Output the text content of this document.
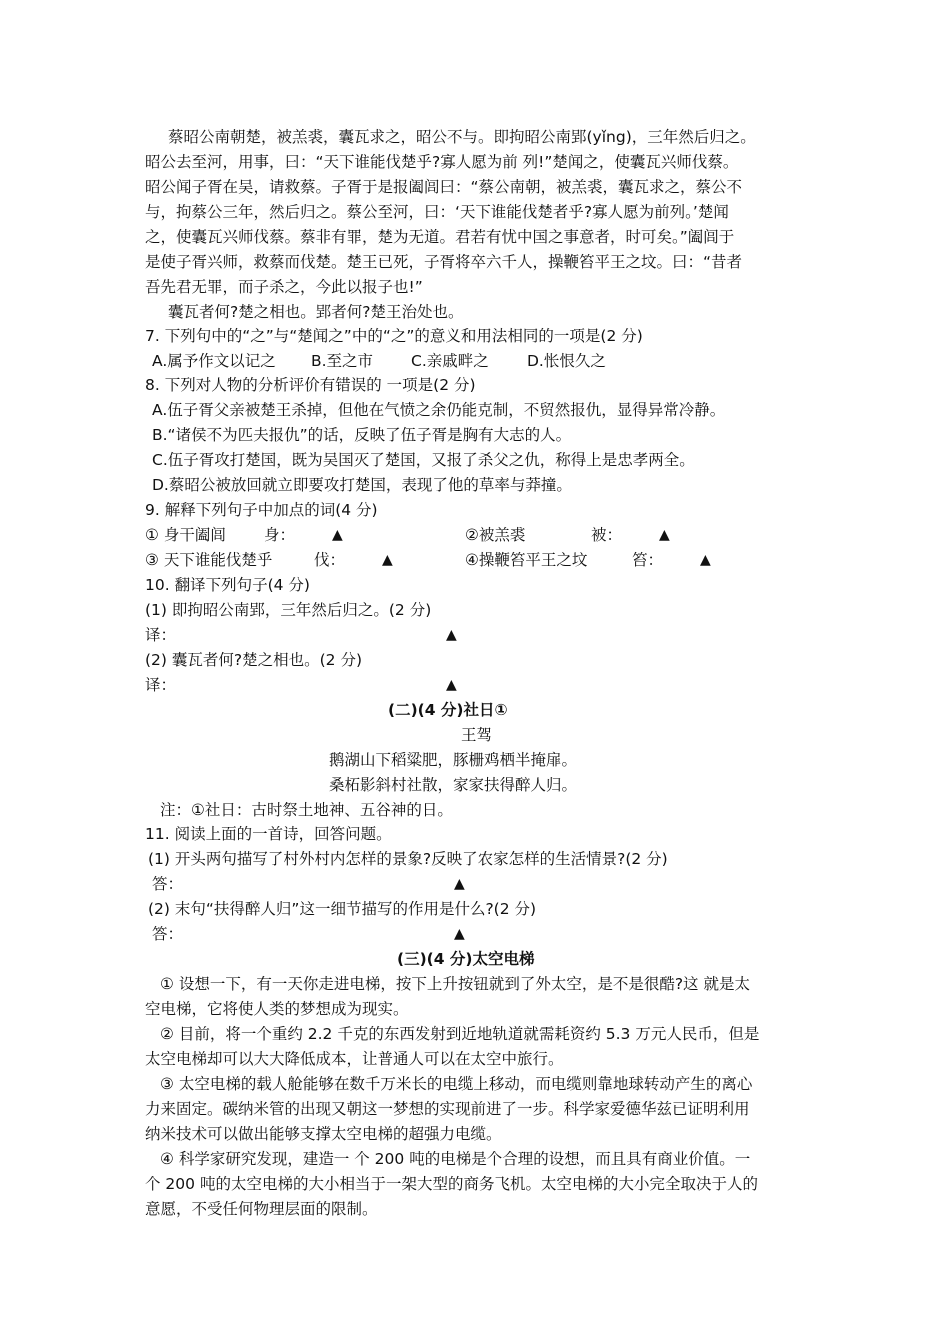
蔡昭公南朝楚，被羔裘，囊瓦求之，昭公不与。即拘昭公南郢(yǐng)，三年然后归之。
昭公去至河，用事，曰：“天下谁能伐楚乎?寡人愿为前 列!”楚闻之，使囊瓦兴师伐蔡。
昭公闻子胥在吴，请救蔡。子胥于是报阖闾曰：“蔡公南朝，被羔裘，囊瓦求之，蔡公不
与，拘蔡公三年，然后归之。蔡公至河，曰：‘天下谁能伐楚者乎?寡人愿为前列。’楚闻
之，使囊瓦兴师伐蔡。蔡非有罪，楚为无道。君若有忧中国之事意者，时可矣。”阖闾于
是使子胥兴师，救蔡而伐楚。楚王已死，子胥将卒六千人，操鞭笞平王之坟。曰：“昔者
吾先君无罪，而子杀之，今此以报子也!”
囊瓦者何?楚之相也。郢者何?楚王治处也。
7. 下列句中的“之”与“楚闻之”中的“之”的意义和用法相同的一项是(2 分)
A.属予作文以记之 B.至之市 C.亲戚畔之 D.怅恨久之
8. 下列对人物的分析评价有错误的 一项是(2 分)
A.伍子胥父亲被楚王杀掉，但他在气愤之余仍能克制，不贸然报仇，显得异常冷静。
B.“诸侯不为匹夫报仇”的话，反映了伍子胥是胸有大志的人。
C.伍子胥攻打楚国，既为吴国灭了楚国，又报了杀父之仇，称得上是忠孝两全。
D.蔡昭公被放回就立即要攻打楚国，表现了他的草率与莽撞。
9. 解释下列句子中加点的词(4 分)
① 身干阖闾 身：	▲	②被羔裘	被：	▲
③ 天下谁能伐楚乎	伐：	▲	④操鞭笞平王之坟	笞：	▲
10. 翻译下列句子(4 分)
(1) 即拘昭公南郢，三年然后归之。(2 分)
译：	▲
(2) 囊瓦者何?楚之相也。(2 分)
译：	▲
(二)(4 分)社日①
王驾
鹅湖山下稻粱肥，豚栅鸡栖半掩扉。
桑柘影斜村社散，家家扶得醉人归。
注：①社日：古时祭土地神、五谷神的日。
11. 阅读上面的一首诗，回答问题。
(1) 开头两句描写了村外村内怎样的景象?反映了农家怎样的生活情景?(2 分)
答：	▲
(2) 末句“扶得醉人归”这一细节描写的作用是什么?(2 分)
答：	▲
(三)(4 分)太空电梯
① 设想一下，有一天你走进电梯，按下上升按钮就到了外太空，是不是很酷?这 就是太
空电梯，它将使人类的梦想成为现实。
② 目前，将一个重约 2.2 千克的东西发射到近地轨道就需耗资约 5.3 万元人民币，但是
太空电梯却可以大大降低成本，让普通人可以在太空中旅行。
③ 太空电梯的载人舱能够在数千万米长的电缆上移动，而电缆则靠地球转动产生的离心
力来固定。碳纳米管的出现又朝这一梦想的实现前进了一步。科学家爱德华兹已证明利用
纳米技术可以做出能够支撑太空电梯的超强力电缆。
④ 科学家研究发现，建造一 个 200 吨的电梯是个合理的设想，而且具有商业价值。一
个 200 吨的太空电梯的大小相当于一架大型的商务飞机。太空电梯的大小完全取决于人的
意愿，不受任何物理层面的限制。
